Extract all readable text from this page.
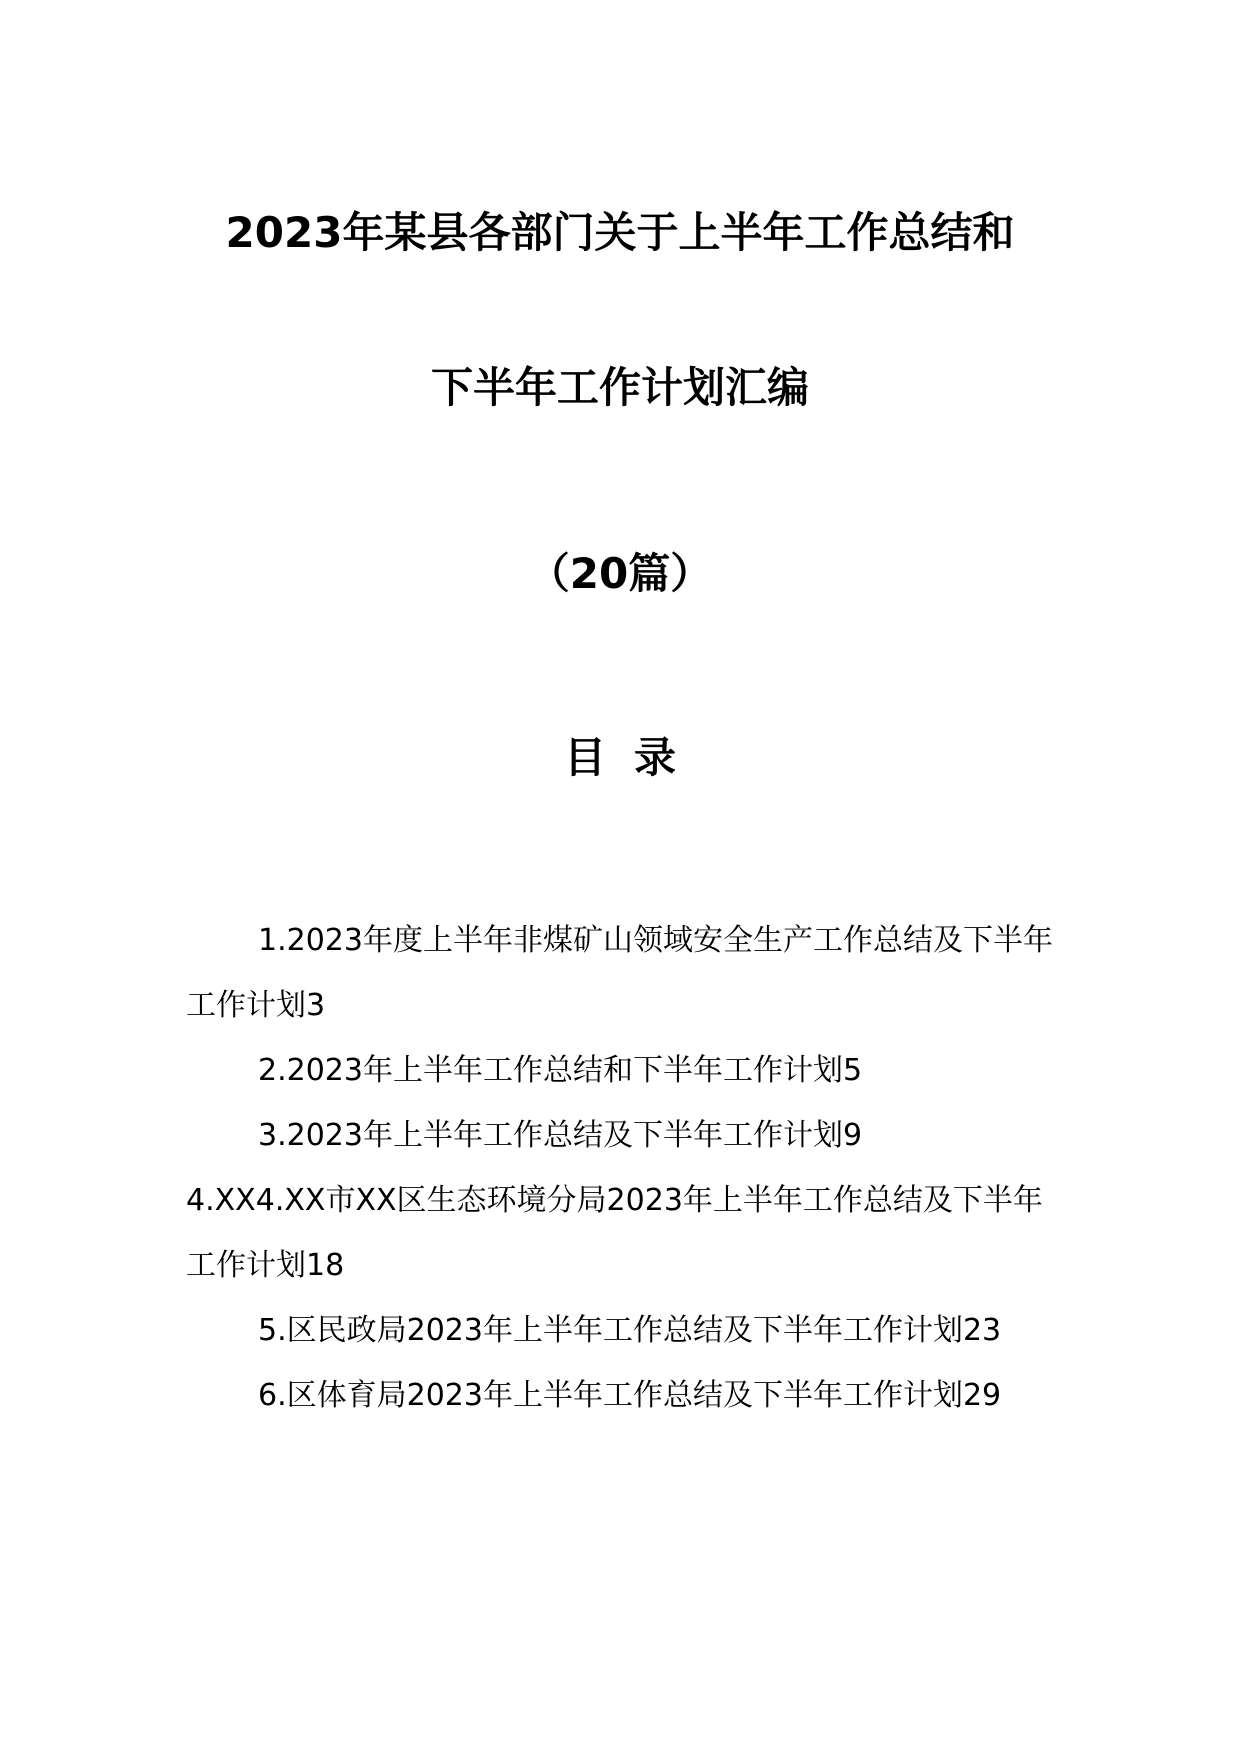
2023年某县各部门关于上半年工作总结和
下半年工作计划汇编
（20篇）
目录

1.2023年度上半年非煤矿山领域安全生产工作总结及下半年工作计划3

2.2023年上半年工作总结和下半年工作计划5

3.2023年上半年工作总结及下半年工作计划9

4.XX4.XX市XX区生态环境分局2023年上半年工作总结及下半年工作计划18

5.区民政局2023年上半年工作总结及下半年工作计划23

6.区体育局2023年上半年工作总结及下半年工作计划29
